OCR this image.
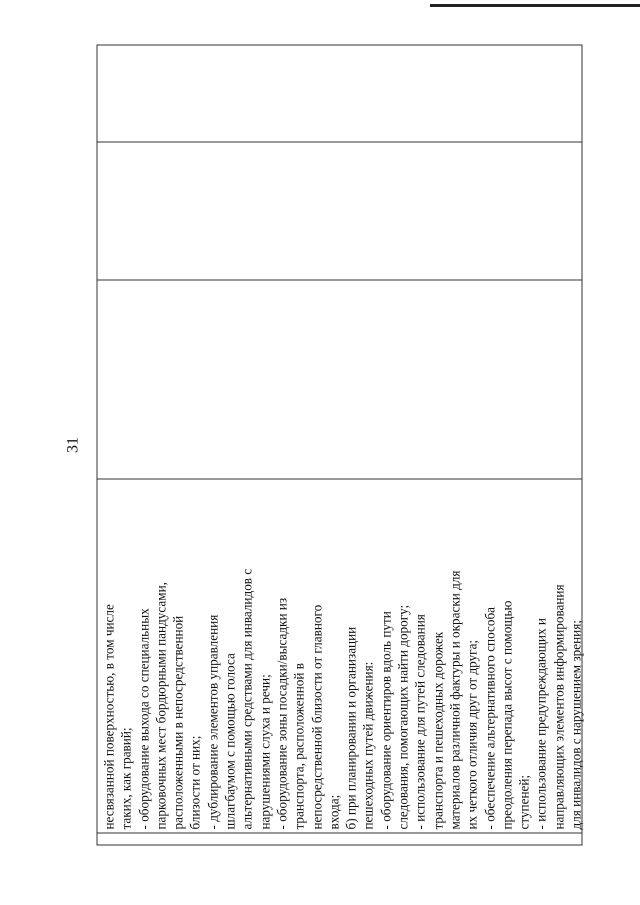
31
несвязанной поверхностью, в том числе таких, как гравий; - оборудование выхода со специальных парковочных мест бордюрными пандусами, расположенными в непосредственной близости от них; - дублирование элементов управления шлагбаумом с помощью голоса альтернативными средствами для инвалидов с нарушениями слуха и речи; - оборудование зоны посадки/высадки из транспорта, расположенной в непосредственной близости от главного входа; б) при планировании и организации пешеходных путей движения: - оборудование ориентиров вдоль пути следования, помогающих найти дорогу; - использование для путей следования транспорта и пешеходных дорожек материалов различной фактуры и окраски для их четкого отличия друг от друга; - обеспечение альтернативного способа преодоления перепада высот с помощью ступеней; - использование предупреждающих и направляющих элементов информирования для инвалидов с нарушением зрения;
